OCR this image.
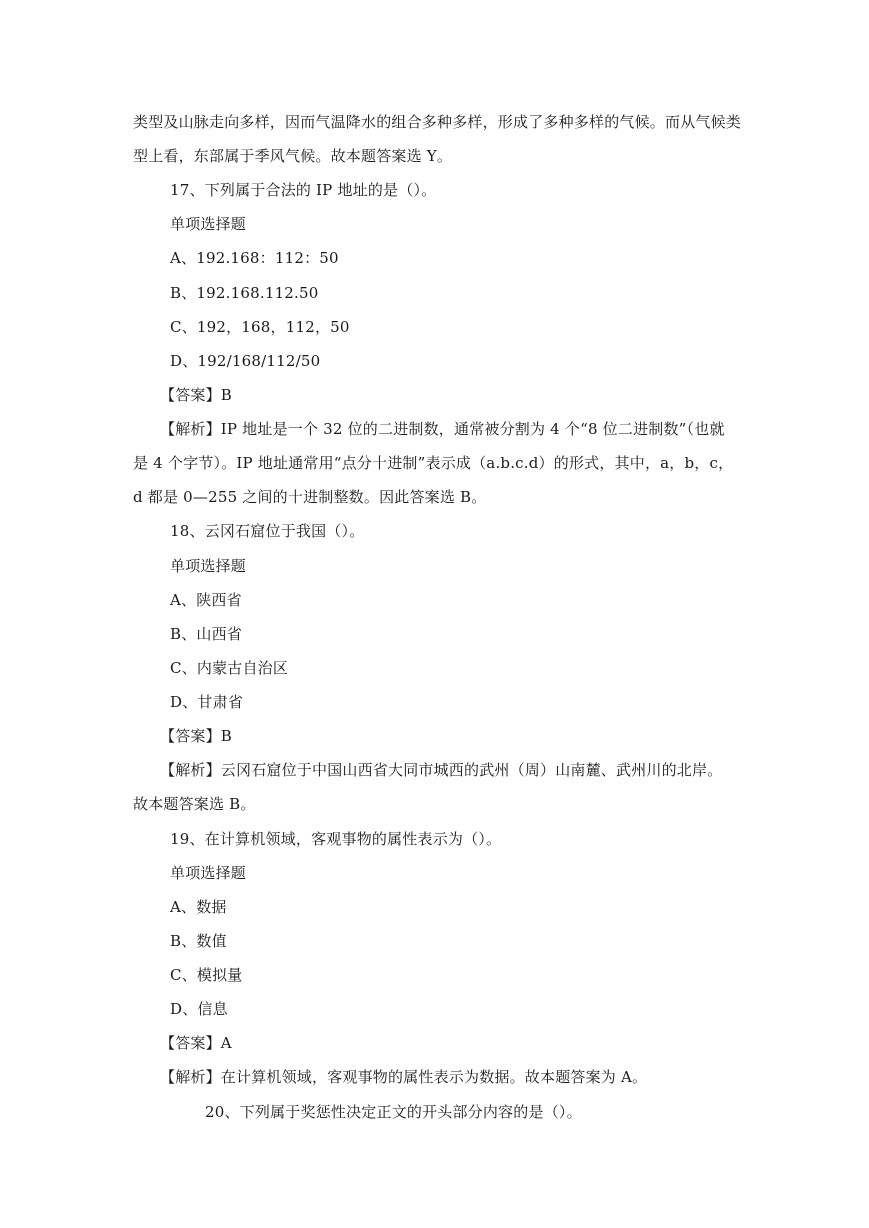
类型及山脉走向多样，因而气温降水的组合多种多样，形成了多种多样的气候。而从气候类
型上看，东部属于季风气候。故本题答案选 Y。
17、下列属于合法的 IP 地址的是（）。
单项选择题
A、192.168：112：50
B、192.168.112.50
C、192，168，112，50
D、192/168/112/50
【答案】B
【解析】IP 地址是一个 32 位的二进制数，通常被分割为 4 个“8 位二进制数”（也就
是 4 个字节）。IP 地址通常用“点分十进制”表示成（a.b.c.d）的形式，其中，a，b，c，
d 都是 0—255 之间的十进制整数。因此答案选 B。
18、云冈石窟位于我国（）。
单项选择题
A、陕西省
B、山西省
C、内蒙古自治区
D、甘肃省
【答案】B
【解析】云冈石窟位于中国山西省大同市城西的武州（周）山南麓、武州川的北岸。
故本题答案选 B。
19、在计算机领域，客观事物的属性表示为（）。
单项选择题
A、数据
B、数值
C、模拟量
D、信息
【答案】A
【解析】在计算机领域，客观事物的属性表示为数据。故本题答案为 A。
20、下列属于奖惩性决定正文的开头部分内容的是（）。
